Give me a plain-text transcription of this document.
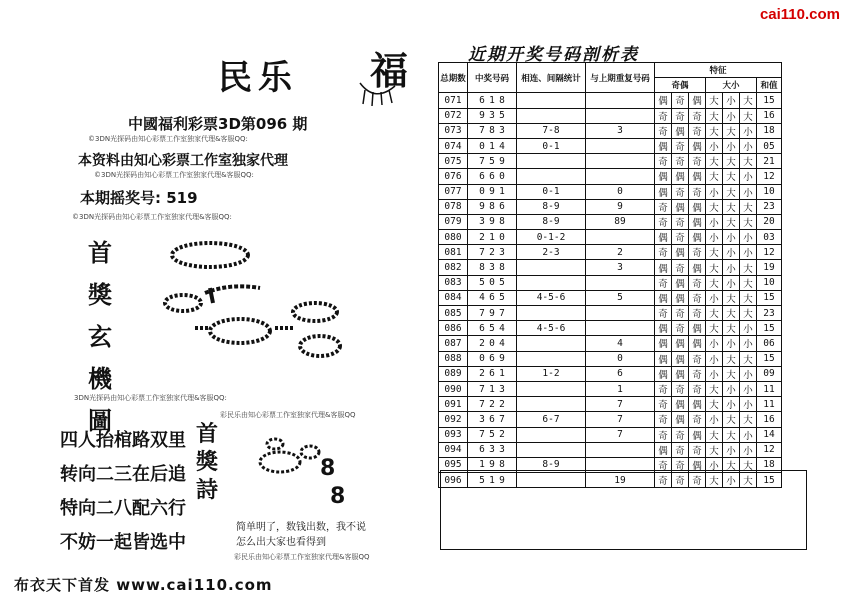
cai110.com
民乐 福
中國福利彩票3D第096 期
©3DN光探码由知心彩票工作室独家代理&客服QQ:
本资料由知心彩票工作室独家代理
©3DN光探码由知心彩票工作室独家代理&客服QQ:
本期摇奖号: 519
©3DN光探码由知心彩票工作室独家代理&客服QQ:
首
獎
玄
機
圖
3DN光探码由知心彩票工作室独家代理&客服QQ:
四人抬棺路双里
转向二三在后追
特向二八配六行
不妨一起皆选中
首
獎
詩
彩民乐由知心彩票工作室独家代理&客服QQ
8
8
简单明了，数钱出数，我不说
怎么出大家也看得到
彩民乐由知心彩票工作室独家代理&客服QQ
布衣天下首发 www.cai110.com
近期开奖号码剖析表
总期数	中奖号码	相连、间隔统计	与上期重复号码	特征						
				奇偶			大小			和值
071	6 1 8			偶	奇	偶	大	小	大	15
072	9 3 5			奇	奇	奇	大	小	大	16
073	7 8 3	7-8	3	奇	偶	奇	大	大	小	18
074	0 1 4	0-1		偶	奇	偶	小	小	小	05
075	7 5 9			奇	奇	奇	大	大	大	21
076	6 6 0			偶	偶	偶	大	大	小	12
077	0 9 1	0-1	0	偶	奇	奇	小	大	小	10
078	9 8 6	8-9	9	奇	偶	偶	大	大	大	23
079	3 9 8	8-9	89	奇	奇	偶	小	大	大	20
080	2 1 0	0-1-2		偶	奇	偶	小	小	小	03
081	7 2 3	2-3	2	奇	偶	奇	大	小	小	12
082	8 3 8		3	偶	奇	偶	大	小	大	19
083	5 0 5			奇	偶	奇	大	小	大	10
084	4 6 5	4-5-6	5	偶	偶	奇	小	大	大	15
085	7 9 7			奇	奇	奇	大	大	大	23
086	6 5 4	4-5-6		偶	奇	偶	大	大	小	15
087	2 0 4		4	偶	偶	偶	小	小	小	06
088	0 6 9		0	偶	偶	奇	小	大	大	15
089	2 6 1	1-2	6	偶	偶	奇	小	大	小	09
090	7 1 3		1	奇	奇	奇	大	小	小	11
091	7 2 2		7	奇	偶	偶	大	小	小	11
092	3 6 7	6-7	7	奇	偶	奇	小	大	大	16
093	7 5 2		7	奇	奇	偶	大	大	小	14
094	6 3 3			偶	奇	奇	大	小	小	12
095	1 9 8	8-9		奇	奇	偶	小	大	大	18
096	5 1 9		19	奇	奇	奇	大	小	大	15
